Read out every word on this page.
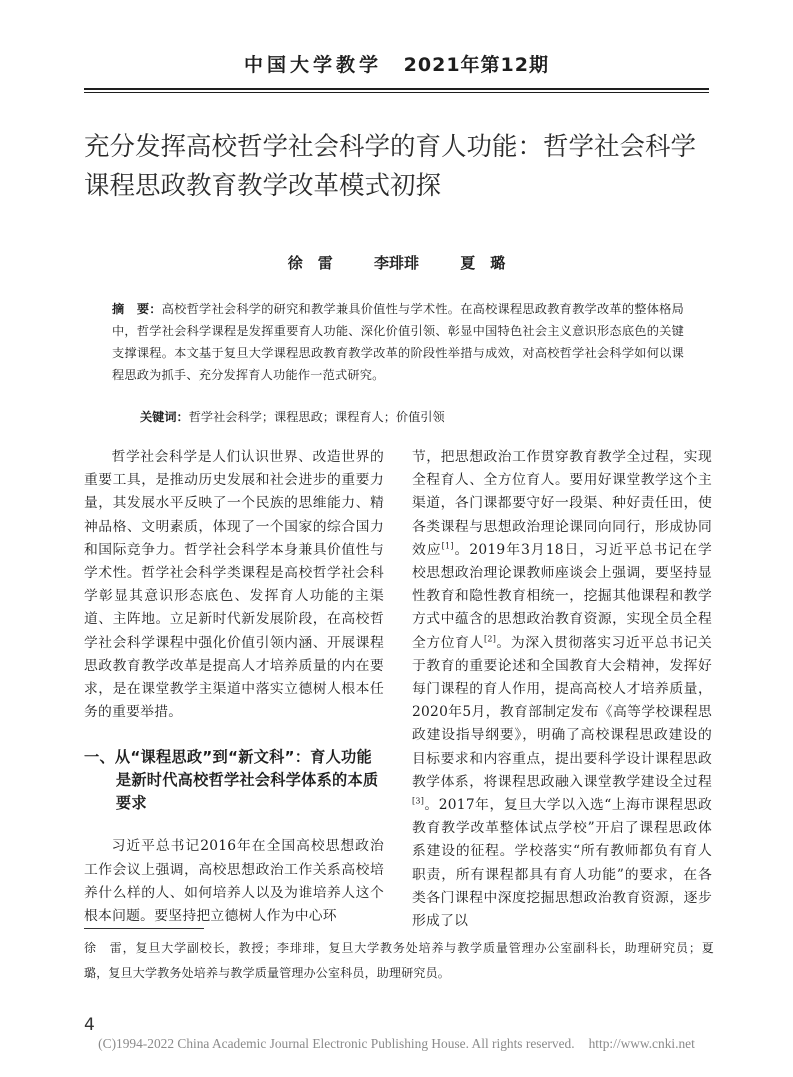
中国大学教学 2021年第12期
充分发挥高校哲学社会科学的育人功能：哲学社会科学课程思政教育教学改革模式初探
徐　雷	李琲琲	夏　璐

摘　要：高校哲学社会科学的研究和教学兼具价值性与学术性。在高校课程思政教育教学改革的整体格局中，哲学社会科学课程是发挥重要育人功能、深化价值引领、彰显中国特色社会主义意识形态底色的关键支撑课程。本文基于复旦大学课程思政教育教学改革的阶段性举措与成效，对高校哲学社会科学如何以课程思政为抓手、充分发挥育人功能作一范式研究。

关键词：哲学社会科学；课程思政；课程育人；价值引领

哲学社会科学是人们认识世界、改造世界的重要工具，是推动历史发展和社会进步的重要力量，其发展水平反映了一个民族的思维能力、精神品格、文明素质，体现了一个国家的综合国力和国际竞争力。哲学社会科学本身兼具价值性与学术性。哲学社会科学类课程是高校哲学社会科学彰显其意识形态底色、发挥育人功能的主渠道、主阵地。立足新时代新发展阶段，在高校哲学社会科学课程中强化价值引领内涵、开展课程思政教育教学改革是提高人才培养质量的内在要求，是在课堂教学主渠道中落实立德树人根本任务的重要举措。

一、从“课程思政”到“新文科”：育人功能是新时代高校哲学社会科学体系的本质要求

习近平总书记2016年在全国高校思想政治工作会议上强调，高校思想政治工作关系高校培养什么样的人、如何培养人以及为谁培养人这个根本问题。要坚持把立德树人作为中心环

节，把思想政治工作贯穿教育教学全过程，实现全程育人、全方位育人。要用好课堂教学这个主渠道，各门课都要守好一段渠、种好责任田，使各类课程与思想政治理论课同向同行，形成协同效应[1]。2019年3月18日，习近平总书记在学校思想政治理论课教师座谈会上强调，要坚持显性教育和隐性教育相统一，挖掘其他课程和教学方式中蕴含的思想政治教育资源，实现全员全程全方位育人[2]。为深入贯彻落实习近平总书记关于教育的重要论述和全国教育大会精神，发挥好每门课程的育人作用，提高高校人才培养质量，2020年5月，教育部制定发布《高等学校课程思政建设指导纲要》，明确了高校课程思政建设的目标要求和内容重点，提出要科学设计课程思政教学体系，将课程思政融入课堂教学建设全过程[3]。2017年，复旦大学以入选“上海市课程思政教育教学改革整体试点学校”开启了课程思政体系建设的征程。学校落实“所有教师都负有育人职责，所有课程都具有育人功能”的要求，在各类各门课程中深度挖掘思想政治教育资源，逐步形成了以

徐　雷，复旦大学副校长，教授；李琲琲，复旦大学教务处培养与教学质量管理办公室副科长，助理研究员；夏　璐，复旦大学教务处培养与教学质量管理办公室科员，助理研究员。

4
(C)1994-2022 China Academic Journal Electronic Publishing House. All rights reserved. http://www.cnki.net
